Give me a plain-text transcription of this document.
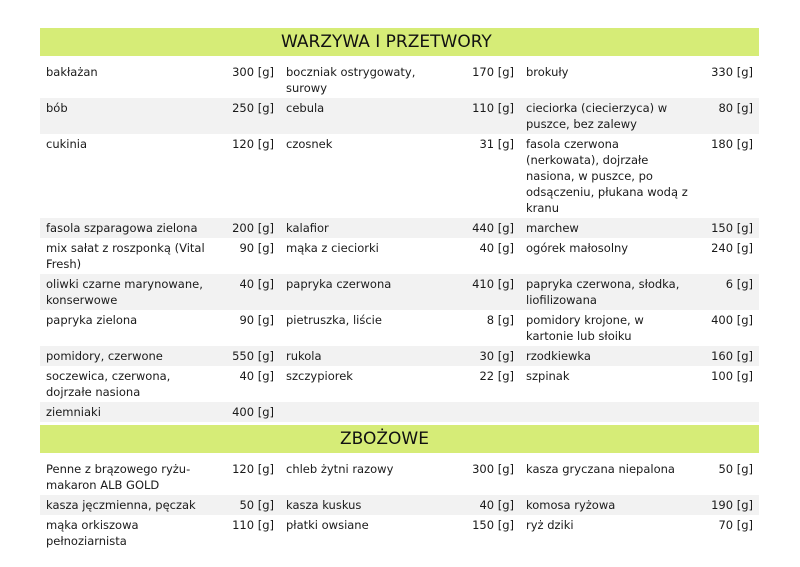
WARZYWA I PRZETWORY
bakłażan	300 [g]	boczniak ostrygowaty, surowy	170 [g]	brokuły	330 [g]
bób	250 [g]	cebula	110 [g]	cieciorka (ciecierzyca) w puszce, bez zalewy	80 [g]
cukinia	120 [g]	czosnek	31 [g]	fasola czerwona (nerkowata), dojrzałe nasiona, w puszce, po odsączeniu, płukana wodą z kranu	180 [g]
fasola szparagowa zielona	200 [g]	kalafior	440 [g]	marchew	150 [g]
mix sałat z roszponką (Vital Fresh)	90 [g]	mąka z cieciorki	40 [g]	ogórek małosolny	240 [g]
oliwki czarne marynowane, konserwowe	40 [g]	papryka czerwona	410 [g]	papryka czerwona, słodka, liofilizowana	6 [g]
papryka zielona	90 [g]	pietruszka, liście	8 [g]	pomidory krojone, w kartonie lub słoiku	400 [g]
pomidory, czerwone	550 [g]	rukola	30 [g]	rzodkiewka	160 [g]
soczewica, czerwona, dojrzałe nasiona	40 [g]	szczypiorek	22 [g]	szpinak	100 [g]
ziemniaki	400 [g]				
ZBOŻOWE
Penne z brązowego ryżu- makaron ALB GOLD	120 [g]	chleb żytni razowy	300 [g]	kasza gryczana niepalona	50 [g]
kasza jęczmienna, pęczak	50 [g]	kasza kuskus	40 [g]	komosa ryżowa	190 [g]
mąka orkiszowa pełnoziarnista	110 [g]	płatki owsiane	150 [g]	ryż dziki	70 [g]
